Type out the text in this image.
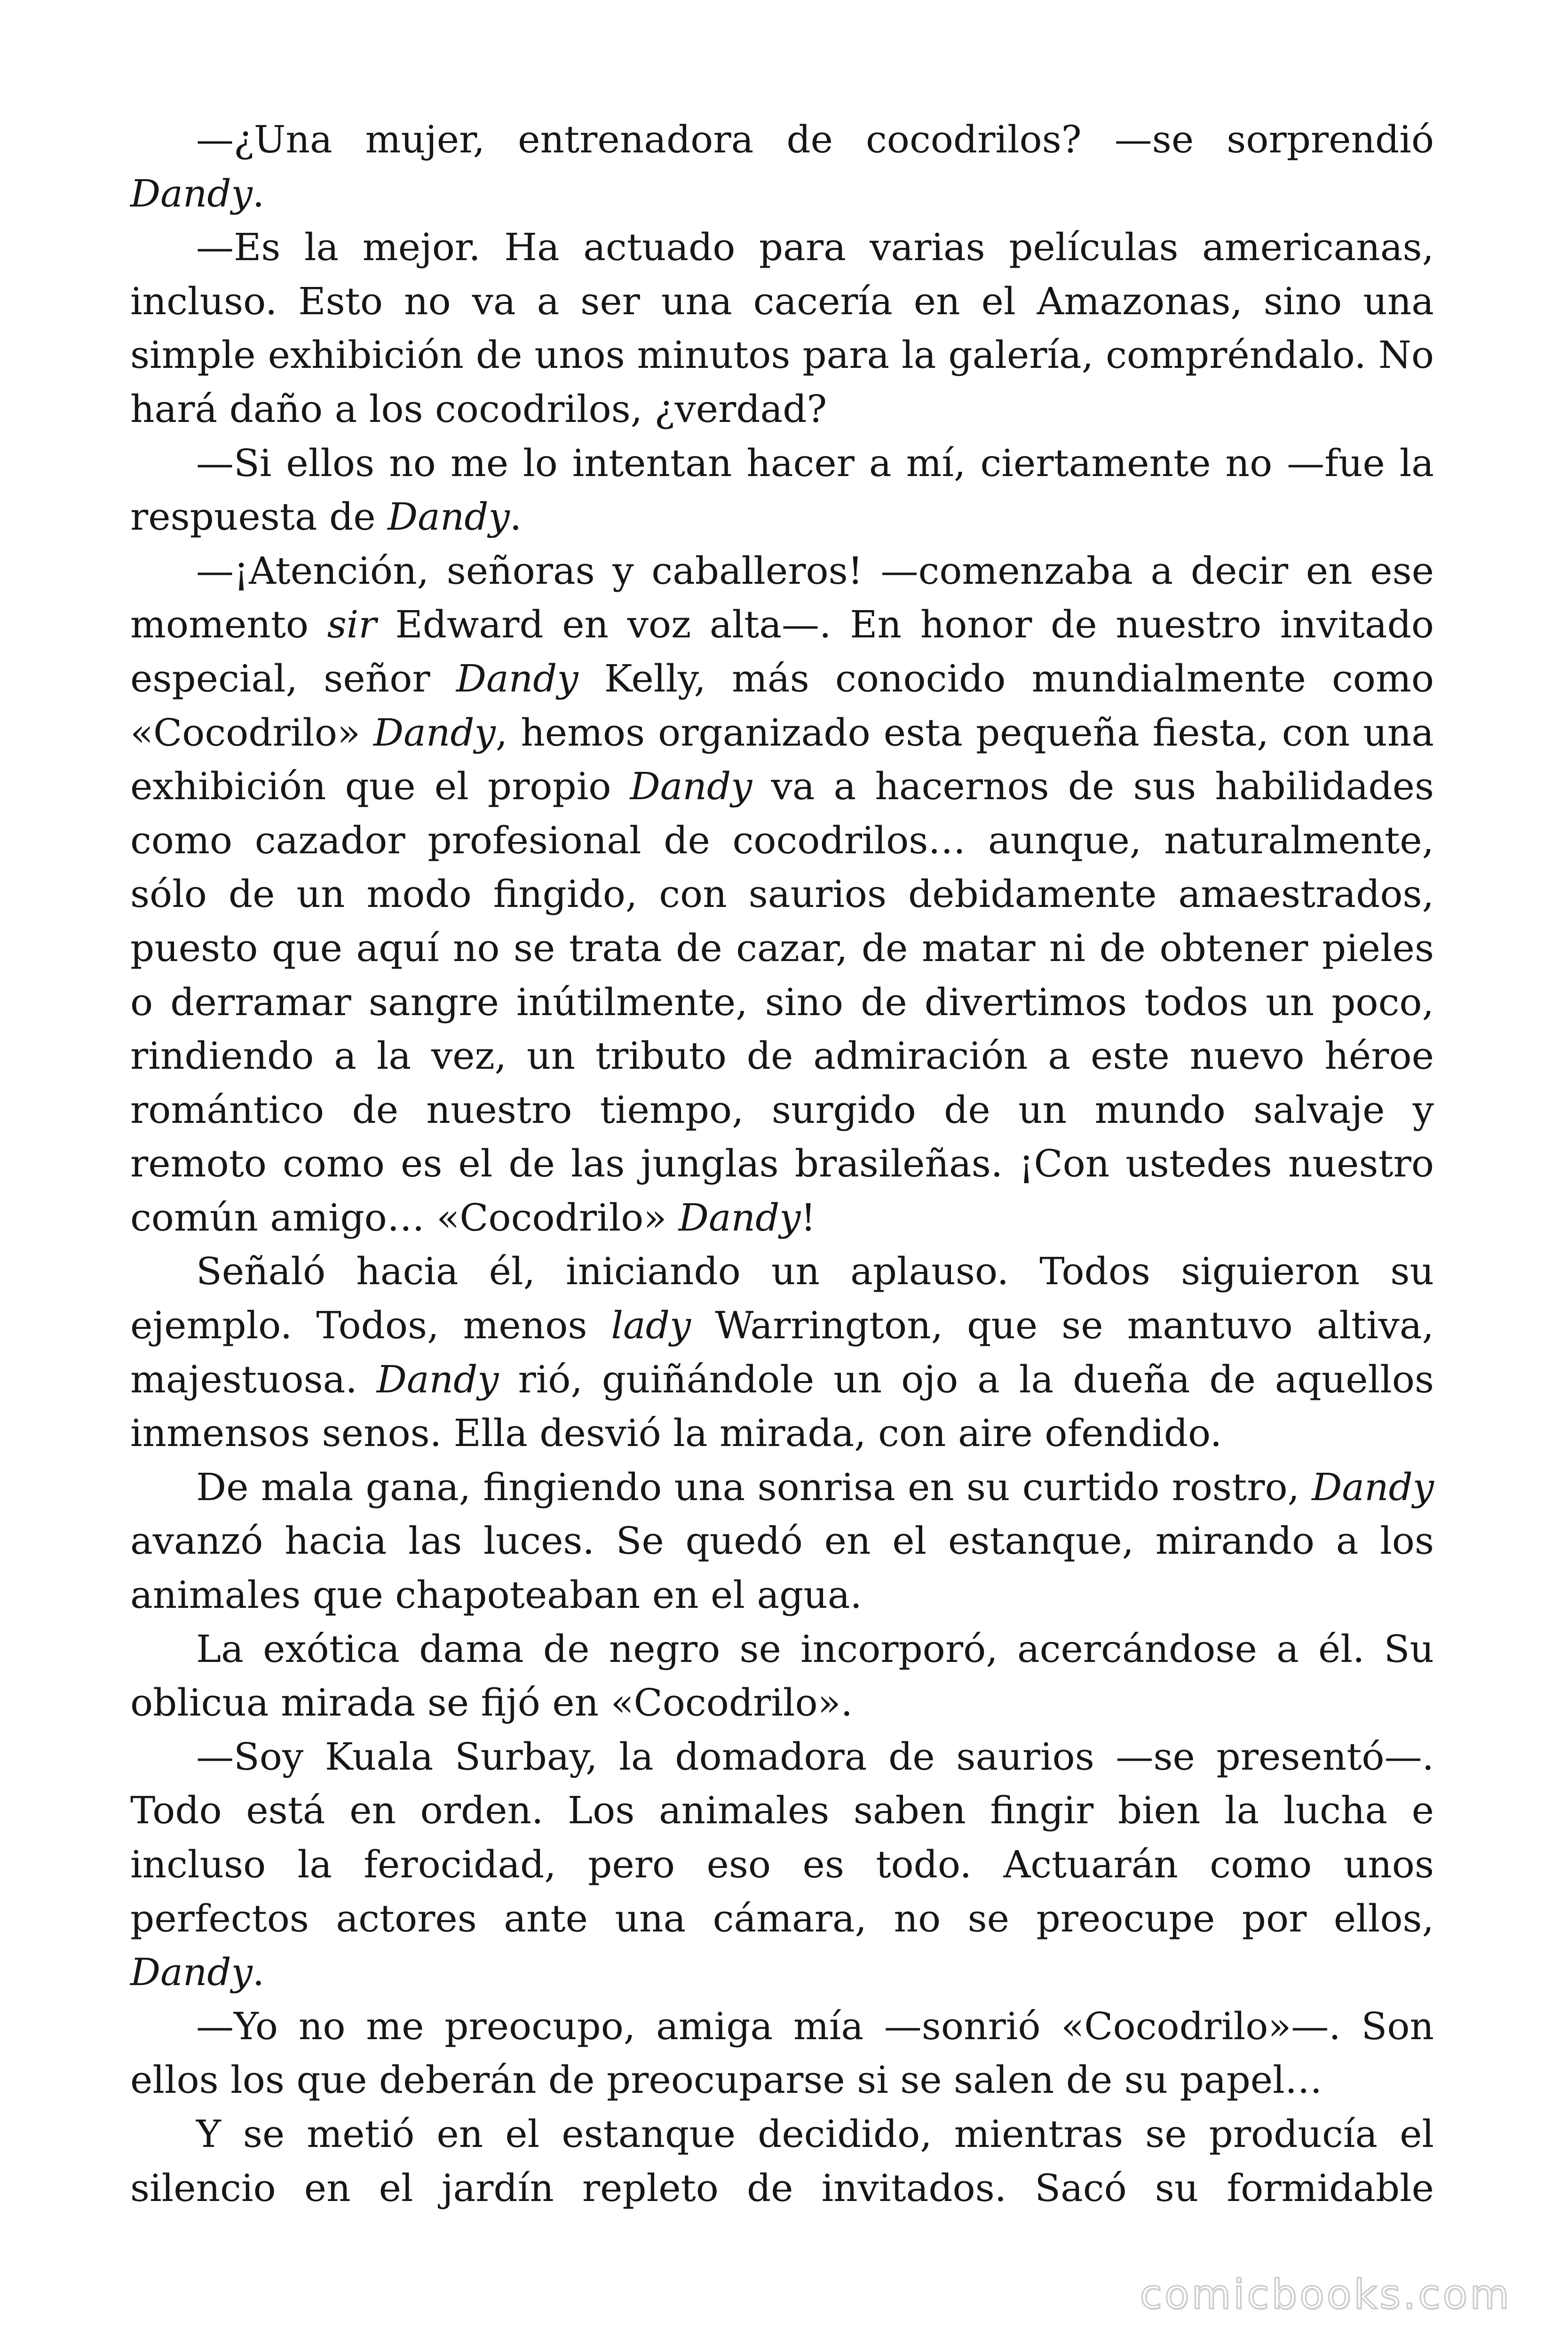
—¿Una mujer, entrenadora de cocodrilos? —se sorprendió Dandy.

—Es la mejor. Ha actuado para varias películas americanas, incluso. Esto no va a ser una cacería en el Amazonas, sino una simple exhibición de unos minutos para la galería, compréndalo. No hará daño a los cocodrilos, ¿verdad?

—Si ellos no me lo intentan hacer a mí, ciertamente no —fue la respuesta de Dandy.

—¡Atención, señoras y caballeros! —comenzaba a decir en ese momento sir Edward en voz alta—. En honor de nuestro invitado especial, señor Dandy Kelly, más conocido mundialmente como «Cocodrilo» Dandy, hemos organizado esta pequeña fiesta, con una exhibición que el propio Dandy va a hacernos de sus habilidades como cazador profesional de cocodrilos… aunque, naturalmente, sólo de un modo fingido, con saurios debidamente amaestrados, puesto que aquí no se trata de cazar, de matar ni de obtener pieles o derramar sangre inútilmente, sino de divertimos todos un poco, rindiendo a la vez, un tributo de admiración a este nuevo héroe romántico de nuestro tiempo, surgido de un mundo salvaje y remoto como es el de las junglas brasileñas. ¡Con ustedes nuestro común amigo… «Cocodrilo» Dandy!

Señaló hacia él, iniciando un aplauso. Todos siguieron su ejemplo. Todos, menos lady Warrington, que se mantuvo altiva, majestuosa. Dandy rió, guiñándole un ojo a la dueña de aquellos inmensos senos. Ella desvió la mirada, con aire ofendido.

De mala gana, fingiendo una sonrisa en su curtido rostro, Dandy avanzó hacia las luces. Se quedó en el estanque, mirando a los animales que chapoteaban en el agua.

La exótica dama de negro se incorporó, acercándose a él. Su oblicua mirada se fijó en «Cocodrilo».

—Soy Kuala Surbay, la domadora de saurios —se presentó—. Todo está en orden. Los animales saben fingir bien la lucha e incluso la ferocidad, pero eso es todo. Actuarán como unos perfectos actores ante una cámara, no se preocupe por ellos, Dandy.

—Yo no me preocupo, amiga mía —sonrió «Cocodrilo»—. Son ellos los que deberán de preocuparse si se salen de su papel…

Y se metió en el estanque decidido, mientras se producía el silencio en el jardín repleto de invitados. Sacó su formidable

comicbooks.com
